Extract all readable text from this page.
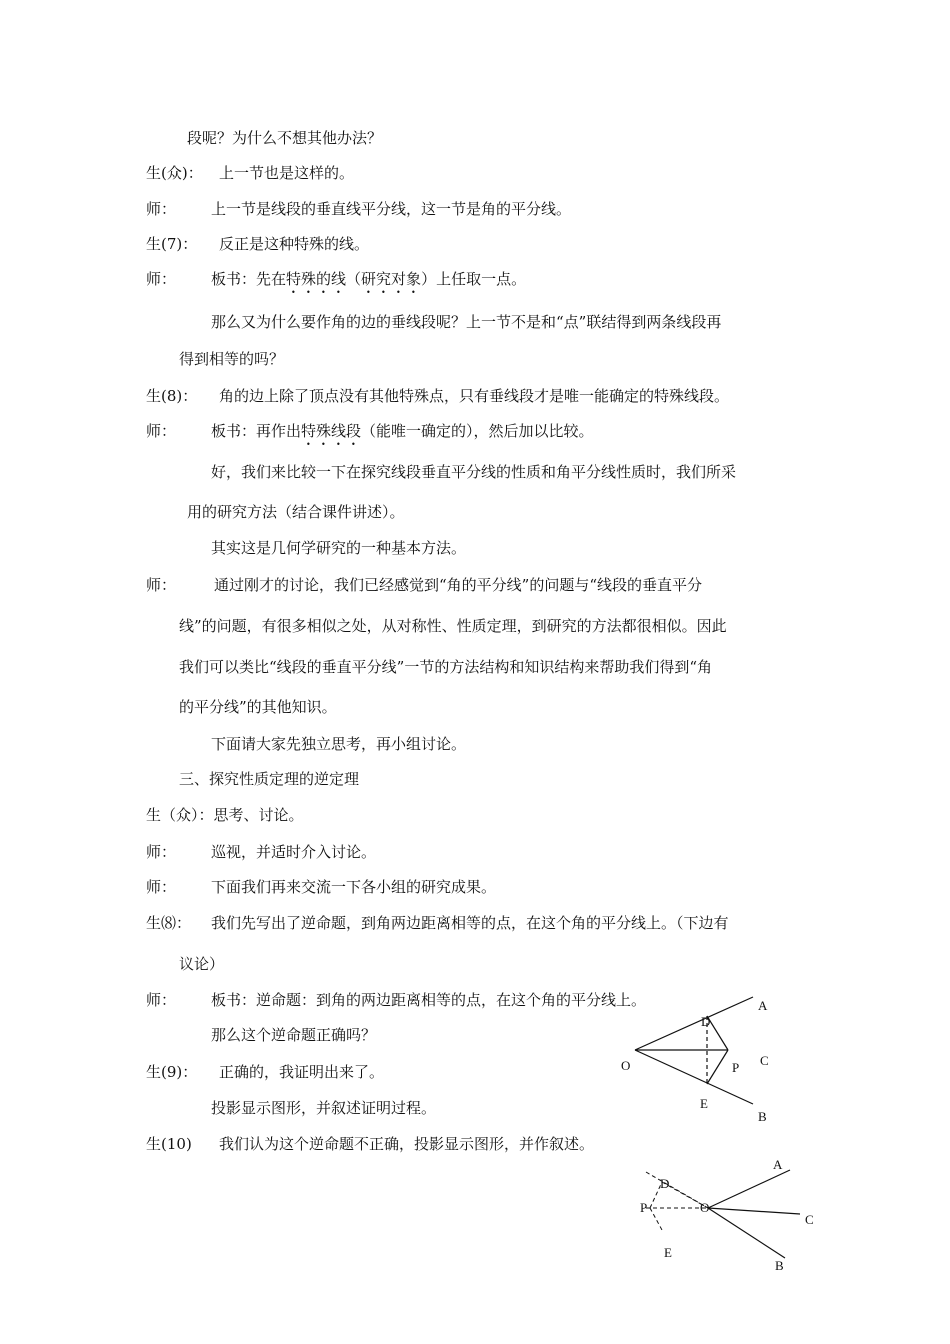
段呢？为什么不想其他办法？
生(众)： 上一节也是这样的。
师： 上一节是线段的垂直线平分线，这一节是角的平分线。
生(7)： 反正是这种特殊的线。
师： 板书：先在特殊的线（研究对象）上任取一点。
那么又为什么要作角的边的垂线段呢？上一节不是和“点”联结得到两条线段再
得到相等的吗？
生(8)： 角的边上除了顶点没有其他特殊点，只有垂线段才是唯一能确定的特殊线段。
师： 板书：再作出特殊线段（能唯一确定的），然后加以比较。
好，我们来比较一下在探究线段垂直平分线的性质和角平分线性质时，我们所采
用的研究方法（结合课件讲述）。
其实这是几何学研究的一种基本方法。
师：	通过刚才的讨论，我们已经感觉到“角的平分线”的问题与“线段的垂直平分
线”的问题，有很多相似之处，从对称性、性质定理，到研究的方法都很相似。因此
我们可以类比“线段的垂直平分线”一节的方法结构和知识结构来帮助我们得到“角
的平分线”的其他知识。
下面请大家先独立思考，再小组讨论。
三、探究性质定理的逆定理
生（众）：思考、讨论。
师： 巡视，并适时介入讨论。
师： 下面我们再来交流一下各小组的研究成果。
生⑻： 我们先写出了逆命题，到角两边距离相等的点，在这个角的平分线上。（下边有
议论）
师： 板书：逆命题：到角的两边距离相等的点，在这个角的平分线上。
那么这个逆命题正确吗？
生(9)： 正确的，我证明出来了。
投影显示图形，并叙述证明过程。
生(10) 我们认为这个逆命题不正确，投影显示图形，并作叙述。
A
D
O	C
P
E
B
A
D
P	O
C
E
B
